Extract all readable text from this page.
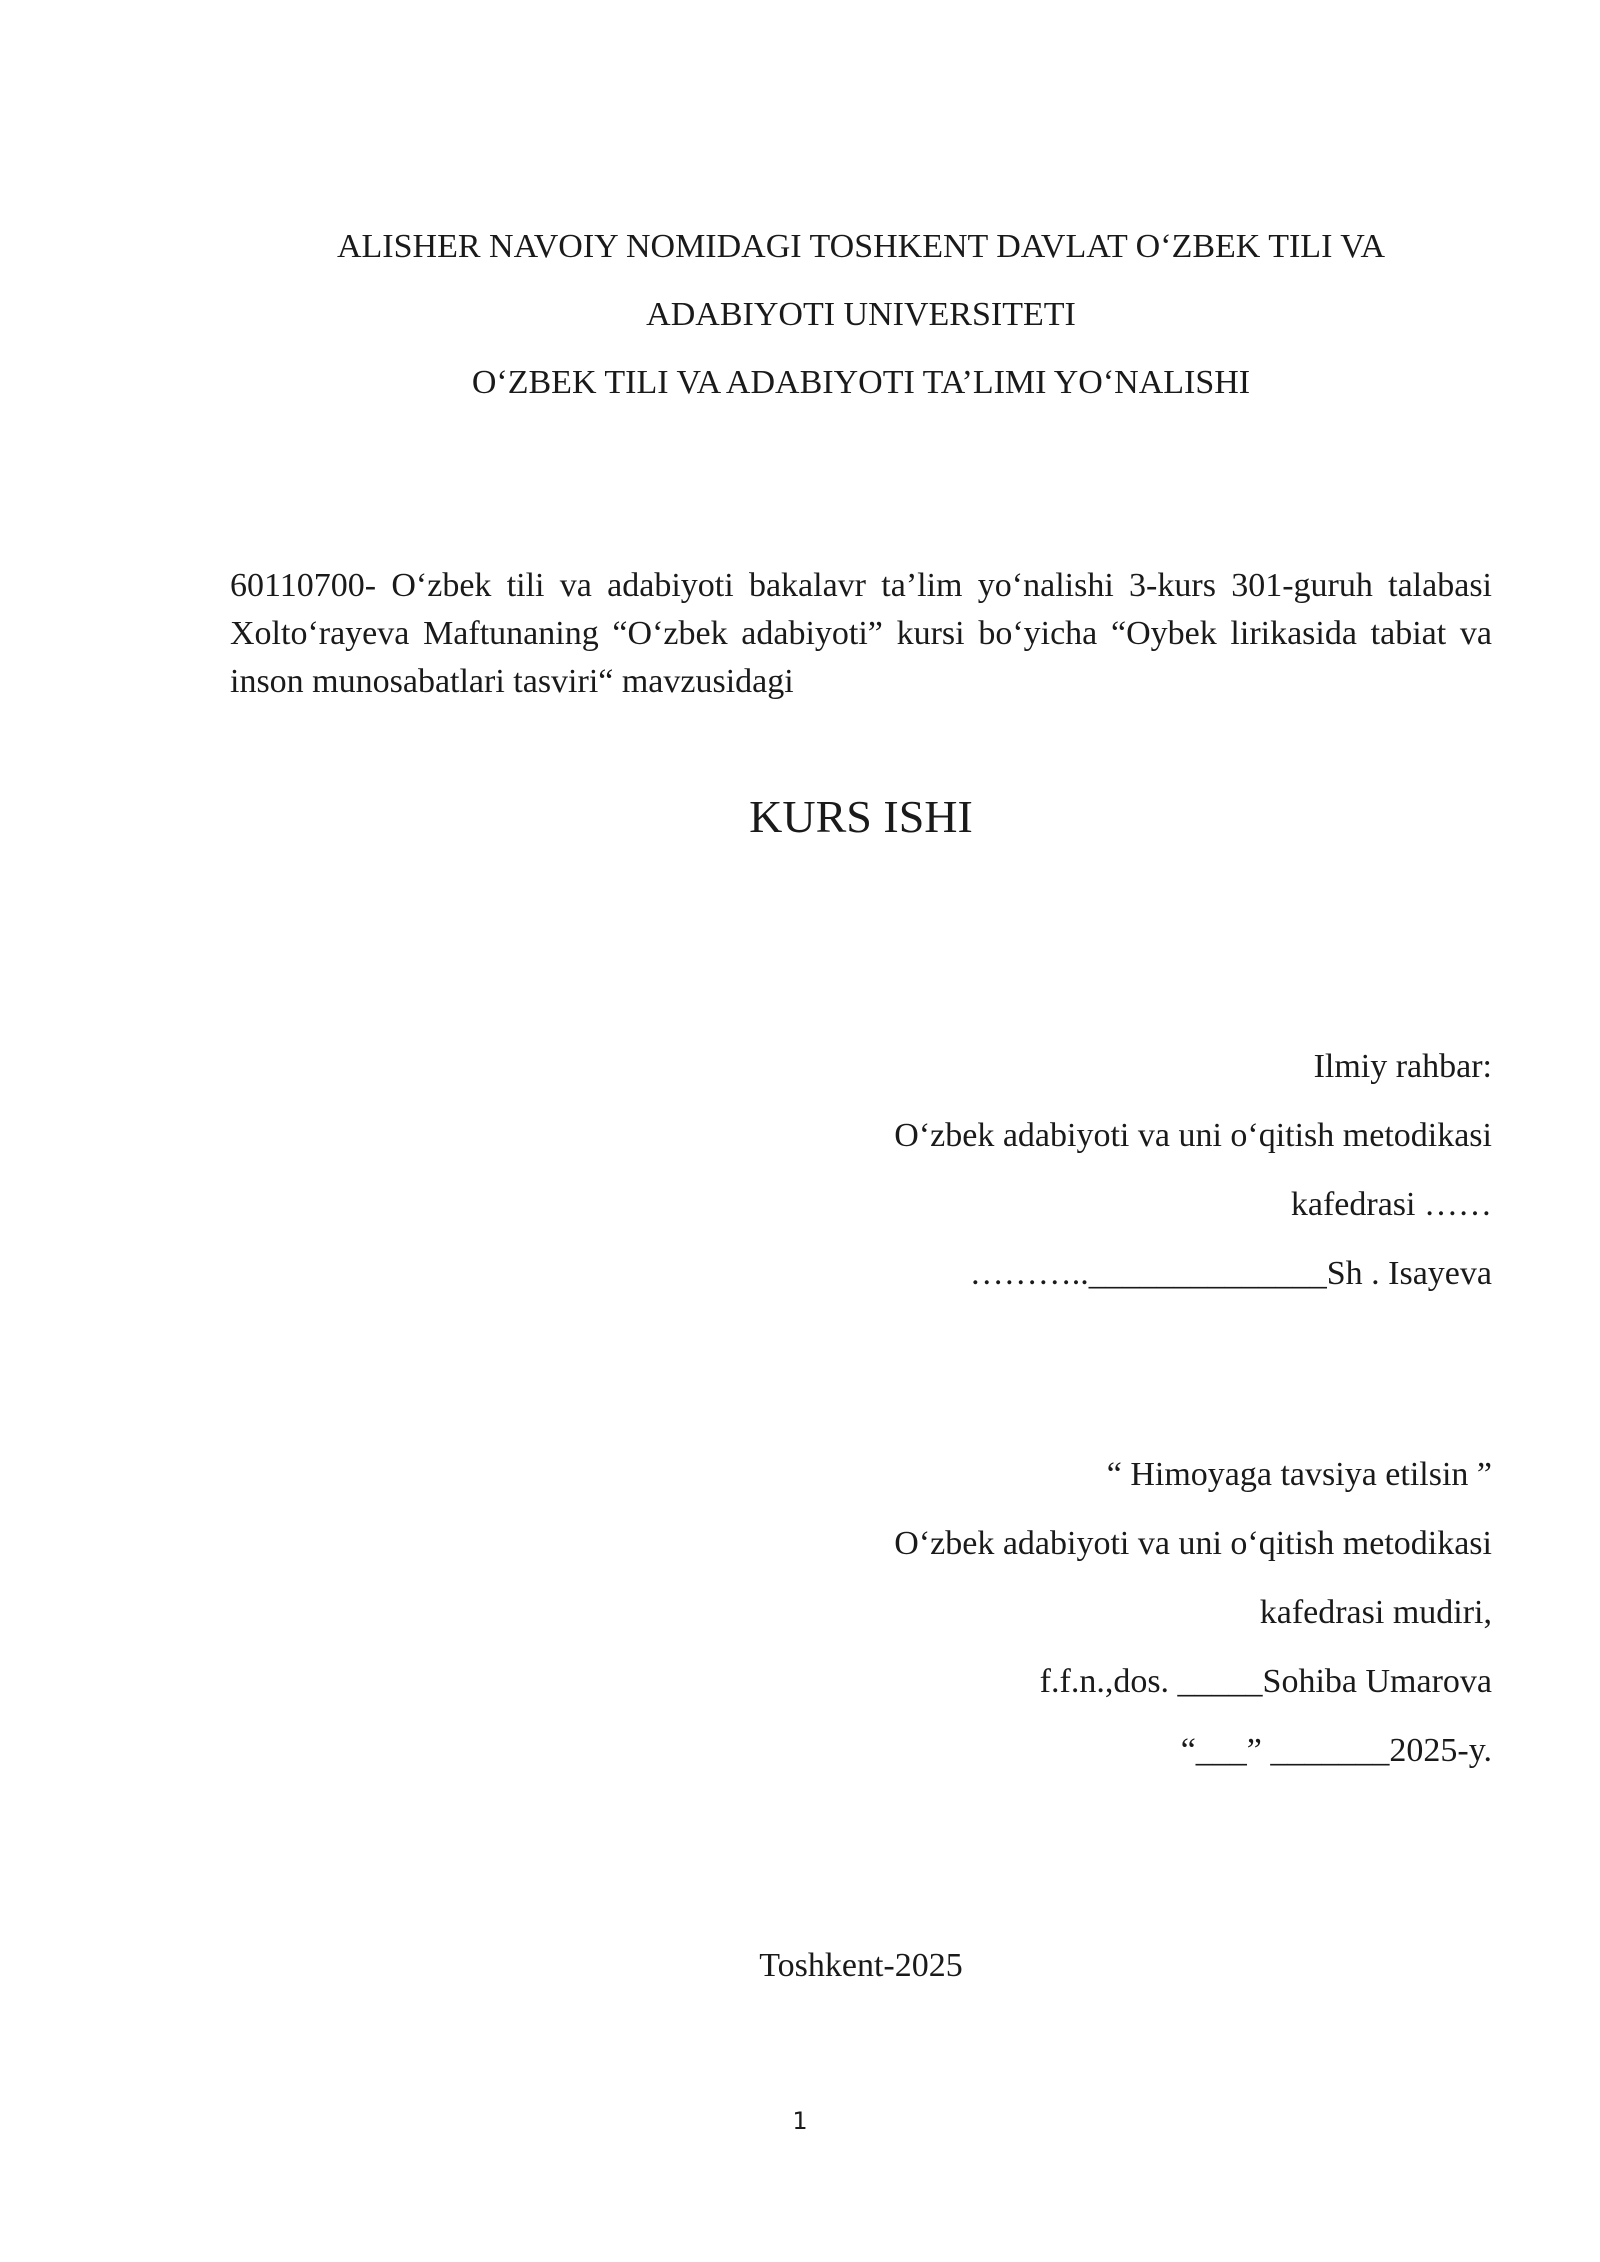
ALISHER NAVOIY NOMIDAGI TOSHKENT DAVLAT O‘ZBEK TILI VA
ADABIYOTI UNIVERSITETI
O‘ZBEK TILI VA ADABIYOTI TA’LIMI YO‘NALISHI
60110700- O‘zbek tili va adabiyoti bakalavr ta’lim yo‘nalishi 3-kurs 301-guruh talabasi Xolto‘rayeva Maftunaning “O‘zbek adabiyoti” kursi bo‘yicha “Oybek lirikasida tabiat va inson munosabatlari tasviri“ mavzusidagi
KURS ISHI
Ilmiy rahbar:
O‘zbek adabiyoti va uni o‘qitish metodikasi
kafedrasi ……
………..______________Sh . Isayeva
“ Himoyaga tavsiya etilsin ”
O‘zbek adabiyoti va uni o‘qitish metodikasi
kafedrasi mudiri,
f.f.n.,dos. _____Sohiba Umarova
“___” _______2025-y.
Toshkent-2025
1
